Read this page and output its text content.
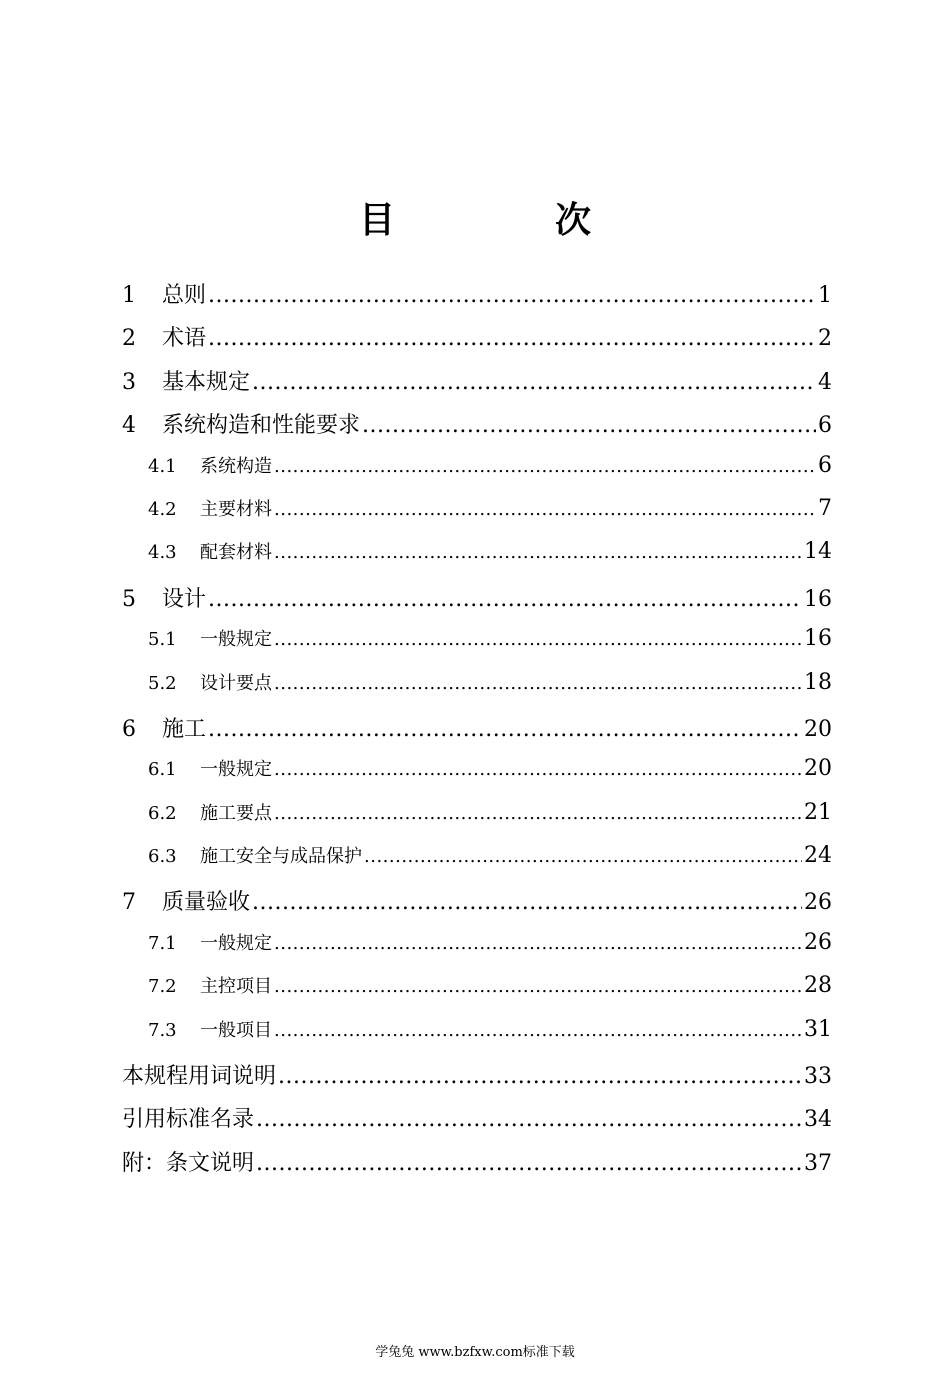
目　次
1	总则 .....	1
2	术语 .....	2
3	基本规定 .....	4
4	系统构造和性能要求 .....	6
4.1	系统构造 .....	6
4.2	主要材料 .....	7
4.3	配套材料 .....	14
5	设计 .....	16
5.1	一般规定 .....	16
5.2	设计要点 .....	18
6	施工 .....	20
6.1	一般规定 .....	20
6.2	施工要点 .....	21
6.3	施工安全与成品保护 .....	24
7	质量验收 .....	26
7.1	一般规定 .....	26
7.2	主控项目 .....	28
7.3	一般项目 .....	31
本规程用词说明 .....	33
引用标准名录 .....	34
附：条文说明 .....	37
学兔兔 www.bzfxw.com标准下载
